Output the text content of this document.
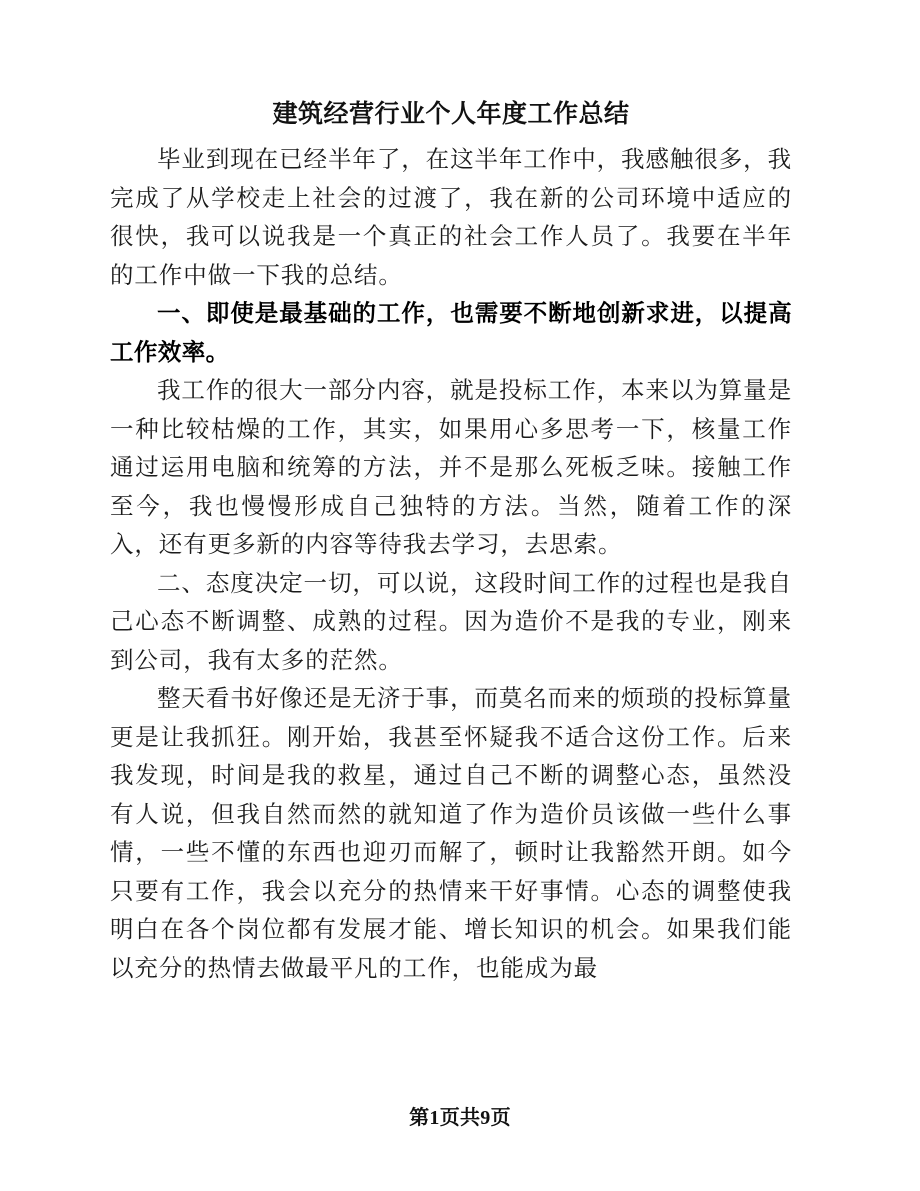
建筑经营行业个人年度工作总结

毕业到现在已经半年了，在这半年工作中，我感触很多，我完成了从学校走上社会的过渡了，我在新的公司环境中适应的很快，我可以说我是一个真正的社会工作人员了。我要在半年的工作中做一下我的总结。

一、即使是最基础的工作，也需要不断地创新求进，以提高工作效率。

我工作的很大一部分内容，就是投标工作，本来以为算量是一种比较枯燥的工作，其实，如果用心多思考一下，核量工作通过运用电脑和统筹的方法，并不是那么死板乏味。接触工作至今，我也慢慢形成自己独特的方法。当然，随着工作的深入，还有更多新的内容等待我去学习，去思索。

二、态度决定一切，可以说，这段时间工作的过程也是我自己心态不断调整、成熟的过程。因为造价不是我的专业，刚来到公司，我有太多的茫然。

整天看书好像还是无济于事，而莫名而来的烦琐的投标算量更是让我抓狂。刚开始，我甚至怀疑我不适合这份工作。后来我发现，时间是我的救星，通过自己不断的调整心态，虽然没有人说，但我自然而然的就知道了作为造价员该做一些什么事情，一些不懂的东西也迎刃而解了，顿时让我豁然开朗。如今只要有工作，我会以充分的热情来干好事情。心态的调整使我明白在各个岗位都有发展才能、增长知识的机会。如果我们能以充分的热情去做最平凡的工作，也能成为最

第1页共9页
